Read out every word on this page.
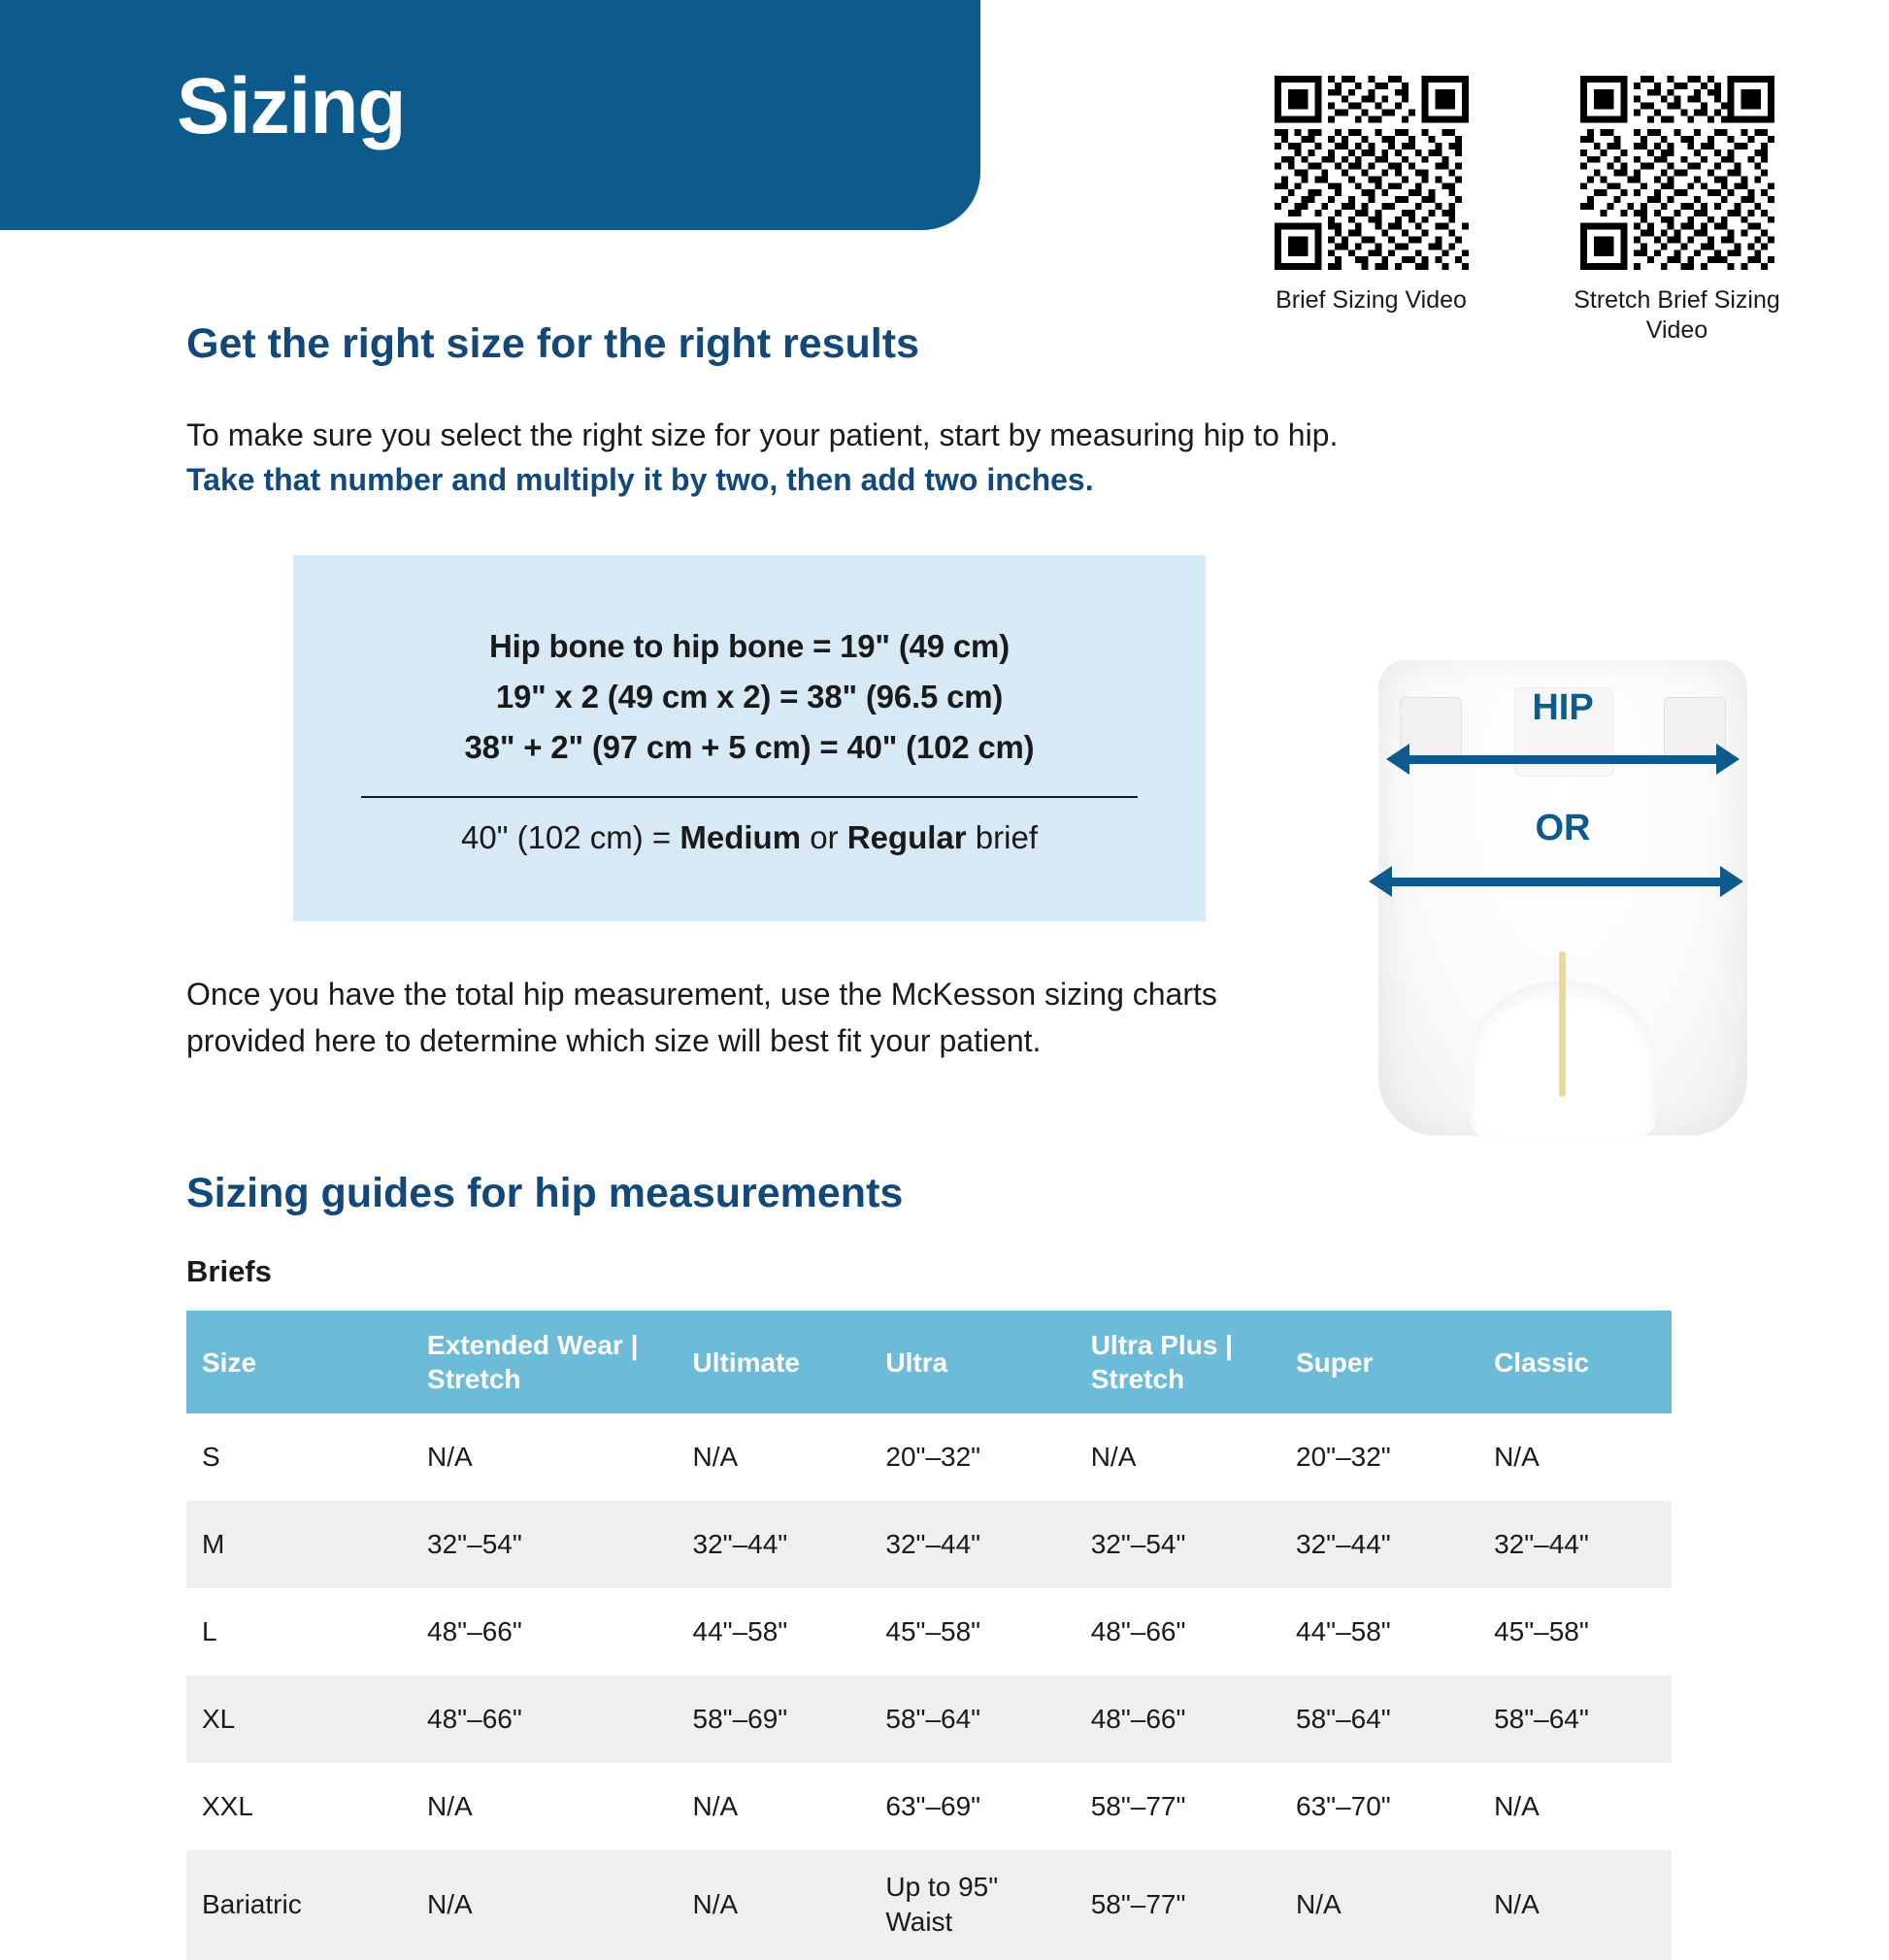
Sizing
Brief Sizing Video	Stretch Brief Sizing Video
Get the right size for the right results
To make sure you select the right size for your patient, start by measuring hip to hip. Take that number and multiply it by two, then add two inches.
Hip bone to hip bone = 19" (49 cm)
19" x 2 (49 cm x 2) = 38" (96.5 cm)
38" + 2" (97 cm + 5 cm) = 40" (102 cm)
40" (102 cm) = Medium or Regular brief
Once you have the total hip measurement, use the McKesson sizing charts provided here to determine which size will best fit your patient.
HIP
OR
Sizing guides for hip measurements
Briefs
Size	Extended Wear | Stretch	Ultimate	Ultra	Ultra Plus | Stretch	Super	Classic
S	N/A	N/A	20"–32"	N/A	20"–32"	N/A
M	32"–54"	32"–44"	32"–44"	32"–54"	32"–44"	32"–44"
L	48"–66"	44"–58"	45"–58"	48"–66"	44"–58"	45"–58"
XL	48"–66"	58"–69"	58"–64"	48"–66"	58"–64"	58"–64"
XXL	N/A	N/A	63"–69"	58"–77"	63"–70"	N/A
Bariatric	N/A	N/A	Up to 95" Waist	58"–77"	N/A	N/A
